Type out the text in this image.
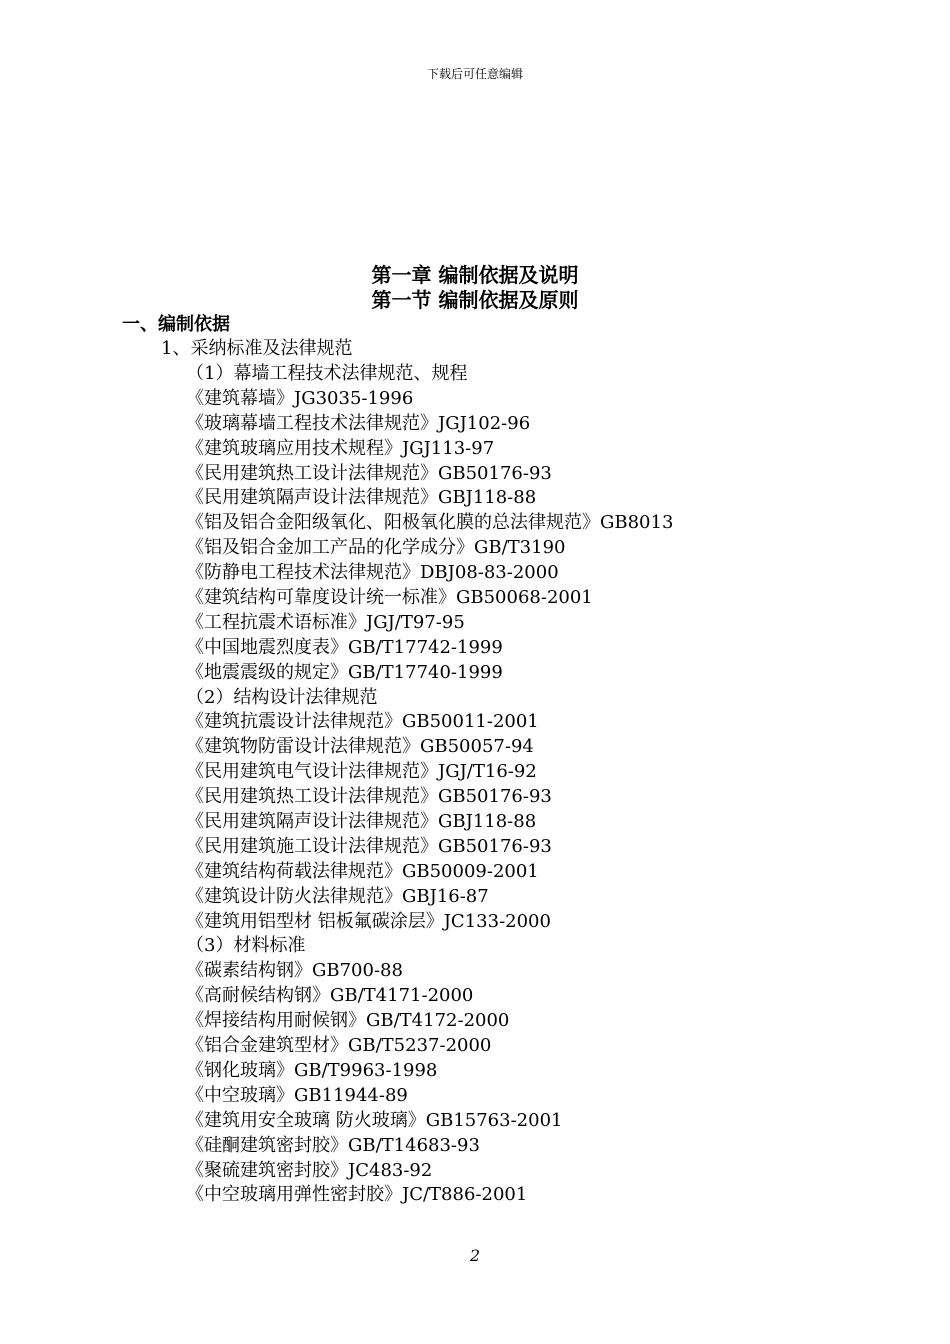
下载后可任意编辑
第一章 编制依据及说明
第一节 编制依据及原则
一、编制依据
1、采纳标准及法律规范
（1）幕墙工程技术法律规范、规程
《建筑幕墙》JG3035-1996
《玻璃幕墙工程技术法律规范》JGJ102-96
《建筑玻璃应用技术规程》JGJ113-97
《民用建筑热工设计法律规范》GB50176-93
《民用建筑隔声设计法律规范》GBJ118-88
《铝及铝合金阳级氧化、阳极氧化膜的总法律规范》GB8013
《铝及铝合金加工产品的化学成分》GB/T3190
《防静电工程技术法律规范》DBJ08-83-2000
《建筑结构可靠度设计统一标准》GB50068-2001
《工程抗震术语标准》JGJ/T97-95
《中国地震烈度表》GB/T17742-1999
《地震震级的规定》GB/T17740-1999
（2）结构设计法律规范
《建筑抗震设计法律规范》GB50011-2001
《建筑物防雷设计法律规范》GB50057-94
《民用建筑电气设计法律规范》JGJ/T16-92
《民用建筑热工设计法律规范》GB50176-93
《民用建筑隔声设计法律规范》GBJ118-88
《民用建筑施工设计法律规范》GB50176-93
《建筑结构荷载法律规范》GB50009-2001
《建筑设计防火法律规范》GBJ16-87
《建筑用铝型材 铝板氟碳涂层》JC133-2000
（3）材料标准
《碳素结构钢》GB700-88
《高耐候结构钢》GB/T4171-2000
《焊接结构用耐候钢》GB/T4172-2000
《铝合金建筑型材》GB/T5237-2000
《钢化玻璃》GB/T9963-1998
《中空玻璃》GB11944-89
《建筑用安全玻璃 防火玻璃》GB15763-2001
《硅酮建筑密封胶》GB/T14683-93
《聚硫建筑密封胶》JC483-92
《中空玻璃用弹性密封胶》JC/T886-2001
2
